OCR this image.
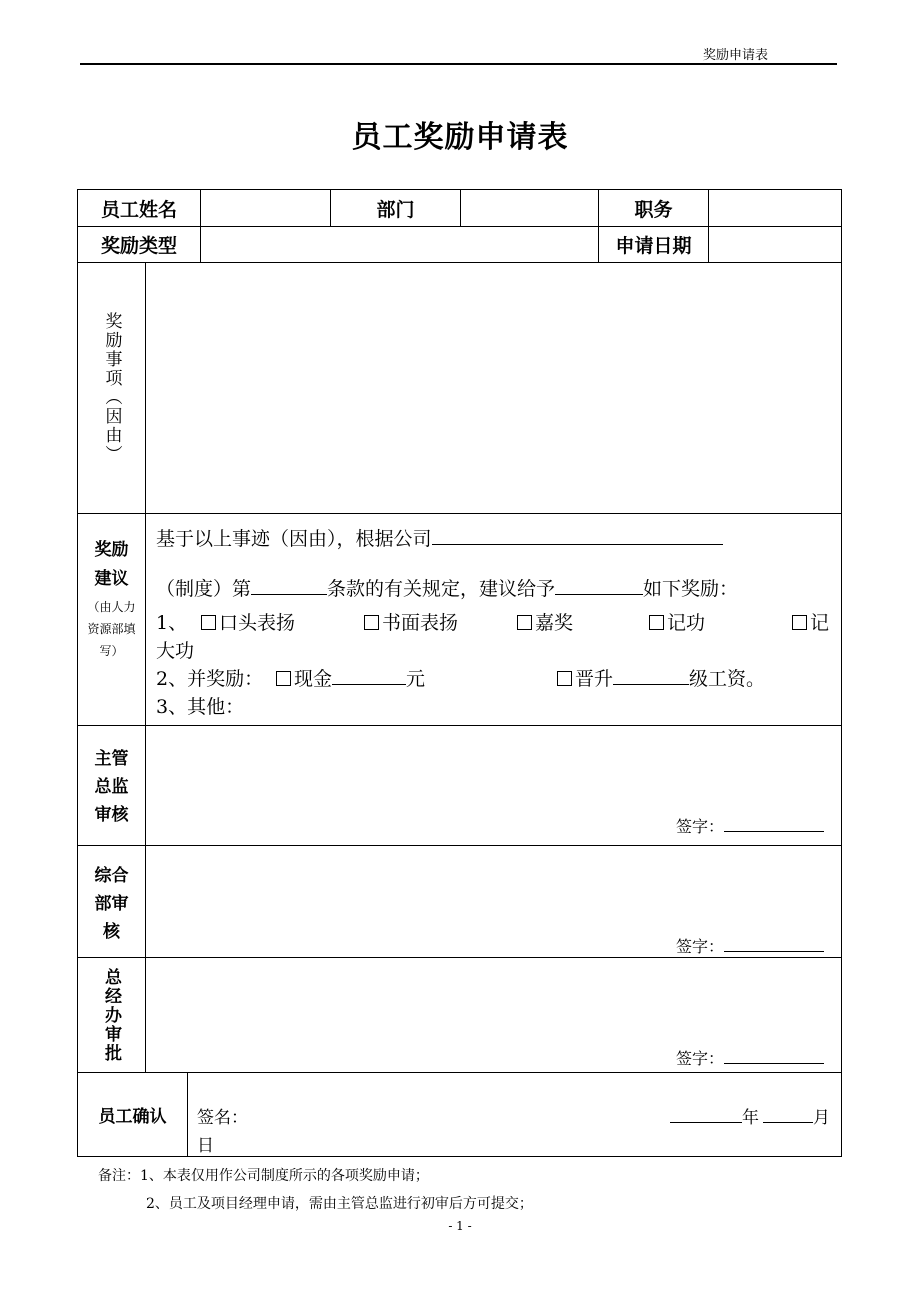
奖励申请表
员工奖励申请表
员工姓名	部门	职务
奖励类型	申请日期
奖励事项（因由）
奖励建议
（由人力资源部填写）
基于以上事迹（因由），根据公司
（制度）第	条款的有关规定，建议给予	如下奖励：
1、	口头表扬	书面表扬	嘉奖	记功	记
大功
2、并奖励：	现金	元	晋升	级工资。
3、其他：
主管总监审核
签字：
综合部审核
签字：
总经办审批	签字：
员工确认	签名：	年	月
日
备注：1、本表仅用作公司制度所示的各项奖励申请；
2、员工及项目经理申请，需由主管总监进行初审后方可提交；
- 1 -
